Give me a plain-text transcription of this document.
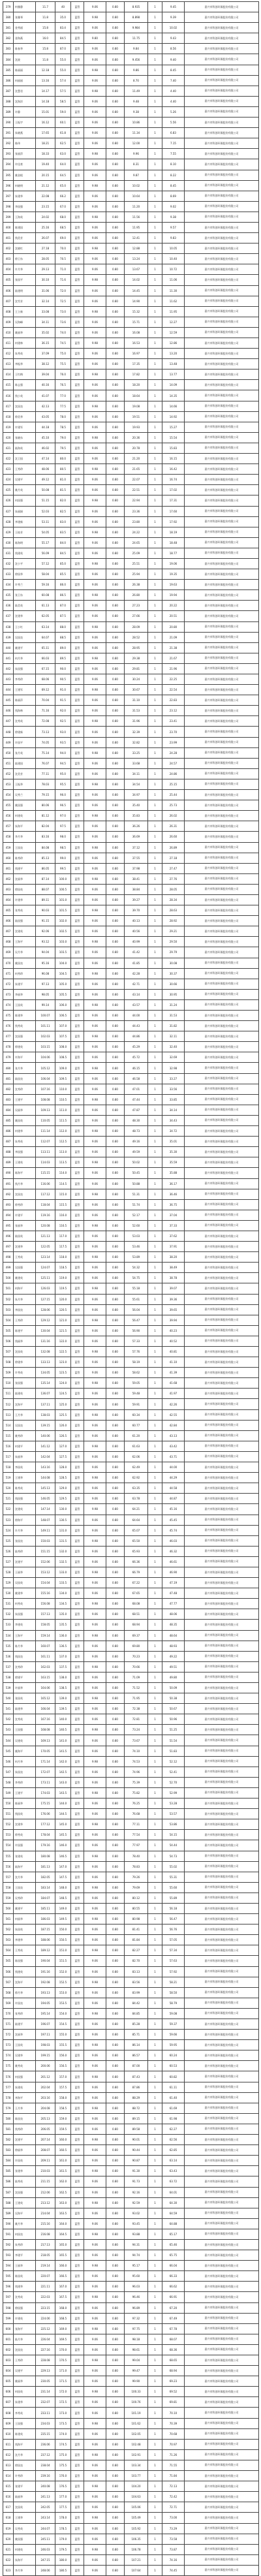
379	何雅静	11.7	40	蓝管	9.06	0.80	8.935	1	9.45	嘉兴市科创环保股份有限公司
380	张雅琴	11.8	35.0	蓝管	9.98	0.80	8.898	1	9.39	嘉兴市科创环保股份有限公司
381	金秀丽	15.8	83.4	蓝管	9.06	0.80	9.984	1	10.02	嘉兴市科创环保股份有限公司
382	金海燕	16.0	84.5	蓝管	9.80	0.80	11.75	1	9.43	嘉兴市科创环保股份有限公司
383	陈春华	15.8	87.0	蓝管	9.06	0.80	9.84	1	8.56	嘉兴市科创环保股份有限公司
384	沈波	11.8	55.0	蓝管	9.06	0.80	9.456	1	9.40	嘉兴市科创环保股份有限公司
385	陈丽丽	12.18	55.0	蓝管	9.98	0.80	9.86	1	8.45	嘉兴市科创环保股份有限公司
386	何丽丽	13.16	57.4	蓝管	9.06	0.80	8.70	1	7.40	嘉兴市科创环保股份有限公司
387	沈慧君	14.17	57.5	蓝管	9.98	0.80	11.49	1	4.40	嘉兴市科创环保股份有限公司
388	沈海洋	14.18	58.5	蓝管	9.06	0.80	9.48	1	4.40	嘉兴市科创环保股份有限公司
389	许静	15.01	59.0	蓝管	9.06	0.80	9.38	1	5.26	嘉兴市科创环保股份有限公司
390	王振宇	16.12	60.1	蓝管	9.06	0.80	10.86	1	5.56	嘉兴市科创环保股份有限公司
391	朱晓燕	17.65	61.8	蓝管	9.06	0.80	11.34	1	6.83	嘉兴市科创环保股份有限公司
392	陈伟	18.21	62.5	蓝管	9.06	0.80	12.00	1	7.15	嘉兴市科创环保股份有限公司
393	张丽萍	18.33	63.0	蓝管	9.98	0.80	9.96	1	7.55	嘉兴市科创环保股份有限公司
394	许佳豪	19.40	64.0	蓝管	9.06	0.80	8.31	1	8.10	嘉兴市科创环保股份有限公司
395	姚金根	20.15	64.5	蓝管	9.06	0.80	9.87	1	8.22	嘉兴市科创环保股份有限公司
396	何晓明	21.12	65.0	蓝管	9.98	0.80	10.02	1	8.45	嘉兴市科创环保股份有限公司
397	朱建华	22.08	66.2	蓝管	9.06	0.80	10.64	1	8.69	嘉兴市科创环保股份有限公司
398	李国强	23.15	67.0	蓝管	9.06	0.80	11.20	1	9.02	嘉兴市科创环保股份有限公司
399	王海英	24.02	68.0	蓝管	9.98	0.80	11.56	1	9.38	嘉兴市科创环保股份有限公司
400	陈建国	25.16	68.5	蓝管	9.06	0.80	11.95	1	9.57	嘉兴市科创环保股份有限公司
401	钱美芳	26.07	69.0	蓝管	9.06	0.80	12.41	1	9.83	嘉兴市科创环保股份有限公司
402	沈晓红	27.18	70.0	蓝管	9.98	0.80	12.88	1	10.05	嘉兴市科创环保股份有限公司
403	徐卫东	28.05	70.5	蓝管	9.06	0.80	13.24	1	10.40	嘉兴市科创环保股份有限公司
404	许月华	29.13	71.0	蓝管	9.06	0.80	13.67	1	10.72	嘉兴市科创环保股份有限公司
405	张国平	30.10	71.6	蓝管	9.98	0.80	14.02	1	11.06	嘉兴市科创环保股份有限公司
406	陆建明	31.06	72.0	蓝管	9.06	0.80	14.45	1	11.30	嘉兴市科创环保股份有限公司
407	沈雪芳	32.14	72.5	蓝管	9.06	0.80	14.90	1	11.62	嘉兴市科创环保股份有限公司
408	王立新	33.08	73.0	蓝管	9.98	0.80	15.32	1	11.95	嘉兴市科创环保股份有限公司
409	吴海峰	34.11	73.6	蓝管	9.06	0.80	15.71	1	12.27	嘉兴市科创环保股份有限公司
410	姚丽华	35.02	74.0	蓝管	9.06	0.80	16.08	1	12.59	嘉兴市科创环保股份有限公司
411	何建林	36.15	74.5	蓝管	9.98	0.80	16.53	1	12.86	嘉兴市科创环保股份有限公司
412	朱秀英	37.09	75.0	蓝管	9.06	0.80	16.97	1	13.20	嘉兴市科创环保股份有限公司
413	李振华	38.12	75.5	蓝管	9.06	0.80	17.35	1	13.48	嘉兴市科创环保股份有限公司
414	王红梅	39.04	76.0	蓝管	9.98	0.80	17.82	1	13.77	嘉兴市科创环保股份有限公司
415	陈志强	40.16	76.5	蓝管	9.06	0.80	18.20	1	14.09	嘉兴市科创环保股份有限公司
416	钱小英	41.07	77.0	蓝管	9.06	0.80	18.64	1	14.35	嘉兴市科创环保股份有限公司
417	沈国良	42.13	77.5	蓝管	9.98	0.80	19.08	1	14.66	嘉兴市科创环保股份有限公司
418	徐美华	43.05	78.0	蓝管	9.06	0.80	19.51	1	14.92	嘉兴市科创环保股份有限公司
419	许建军	44.18	78.5	蓝管	9.06	0.80	19.93	1	15.27	嘉兴市科创环保股份有限公司
420	张晓东	45.10	79.0	蓝管	9.98	0.80	20.36	1	15.54	嘉兴市科创环保股份有限公司
421	陆海英	46.02	79.5	蓝管	9.06	0.80	20.78	1	15.83	嘉兴市科创环保股份有限公司
422	沈卫国	47.14	80.0	蓝管	9.06	0.80	21.20	1	16.15	嘉兴市科创环保股份有限公司
423	王秀珍	48.06	80.5	蓝管	9.98	0.80	21.65	1	16.42	嘉兴市科创环保股份有限公司
424	吴建平	49.12	81.0	蓝管	9.06	0.80	22.07	1	16.74	嘉兴市科创环保股份有限公司
425	姚月英	50.08	81.5	蓝管	9.06	0.80	22.51	1	17.02	嘉兴市科创环保股份有限公司
426	何国强	51.15	82.0	蓝管	9.98	0.80	22.94	1	17.31	嘉兴市科创环保股份有限公司
427	朱丽娟	52.03	82.5	蓝管	9.06	0.80	23.36	1	17.60	嘉兴市科创环保股份有限公司
428	李建新	53.11	83.0	蓝管	9.06	0.80	23.80	1	17.92	嘉兴市科创环保股份有限公司
429	王桂芳	54.05	83.5	蓝管	9.98	0.80	24.22	1	18.19	嘉兴市科创环保股份有限公司
430	陈海明	55.17	84.0	蓝管	9.06	0.80	24.65	1	18.48	嘉兴市科创环保股份有限公司
431	钱建英	56.09	84.5	蓝管	9.06	0.80	25.09	1	18.77	嘉兴市科创环保股份有限公司
432	沈小平	57.12	85.0	蓝管	9.98	0.80	25.51	1	19.06	嘉兴市科创环保股份有限公司
433	徐国华	58.04	85.5	蓝管	9.06	0.80	25.94	1	19.35	嘉兴市科创环保股份有限公司
434	许秀兰	59.16	86.0	蓝管	9.06	0.80	26.38	1	19.63	嘉兴市科创环保股份有限公司
435	张卫东	60.08	86.5	蓝管	9.98	0.80	26.80	1	19.94	嘉兴市科创环保股份有限公司
436	陆美英	61.13	87.0	蓝管	9.06	0.80	27.23	1	20.22	嘉兴市科创环保股份有限公司
437	沈建华	62.05	87.5	蓝管	9.06	0.80	27.66	1	20.51	嘉兴市科创环保股份有限公司
438	王小红	63.14	88.0	蓝管	9.98	0.80	28.09	1	20.80	嘉兴市科创环保股份有限公司
439	吴国良	64.07	88.5	蓝管	9.06	0.80	28.52	1	21.09	嘉兴市科创环保股份有限公司
440	姚建平	65.11	89.0	蓝管	9.06	0.80	28.95	1	21.38	嘉兴市科创环保股份有限公司
441	何月华	66.03	89.5	蓝管	9.98	0.80	29.38	1	21.67	嘉兴市科创环保股份有限公司
442	朱国强	67.15	90.0	蓝管	9.06	0.80	29.81	1	21.96	嘉兴市科创环保股份有限公司
443	李秀珍	68.06	90.5	蓝管	9.06	0.80	30.24	1	22.25	嘉兴市科创环保股份有限公司
444	王建军	69.12	91.0	蓝管	9.98	0.80	30.67	1	22.54	嘉兴市科创环保股份有限公司
445	陈丽萍	70.04	91.5	蓝管	9.06	0.80	31.10	1	22.83	嘉兴市科创环保股份有限公司
446	钱海林	71.16	92.0	蓝管	9.06	0.80	31.53	1	23.12	嘉兴市科创环保股份有限公司
447	沈秀英	72.08	92.5	蓝管	9.98	0.80	31.96	1	23.41	嘉兴市科创环保股份有限公司
448	徐建新	73.13	93.0	蓝管	9.06	0.80	32.39	1	23.70	嘉兴市科创环保股份有限公司
449	许国平	74.05	93.5	蓝管	9.06	0.80	32.82	1	23.99	嘉兴市科创环保股份有限公司
450	张月英	75.14	94.0	蓝管	9.98	0.80	33.25	1	24.28	嘉兴市科创环保股份有限公司
451	陆建国	76.07	94.5	蓝管	9.06	0.80	33.68	1	24.57	嘉兴市科创环保股份有限公司
452	沈美芳	77.11	95.0	蓝管	9.06	0.80	34.11	1	24.86	嘉兴市科创环保股份有限公司
453	王振华	78.03	95.5	蓝管	9.98	0.80	34.54	1	25.15	嘉兴市科创环保股份有限公司
454	吴秀兰	79.15	96.0	蓝管	9.06	0.80	34.97	1	25.44	嘉兴市科创环保股份有限公司
455	姚国强	80.06	96.5	蓝管	9.06	0.80	35.40	1	25.73	嘉兴市科创环保股份有限公司
456	何建英	81.12	97.0	蓝管	9.98	0.80	35.83	1	26.02	嘉兴市科创环保股份有限公司
457	朱海平	82.04	97.5	蓝管	9.06	0.80	36.26	1	26.31	嘉兴市科创环保股份有限公司
458	李月华	83.16	98.0	蓝管	9.06	0.80	36.69	1	26.60	嘉兴市科创环保股份有限公司
459	王国良	84.08	98.5	蓝管	9.98	0.80	37.12	1	26.89	嘉兴市科创环保股份有限公司
460	陈秀珍	85.13	99.0	蓝管	9.06	0.80	37.55	1	27.18	嘉兴市科创环保股份有限公司
461	钱建平	86.05	99.5	蓝管	9.06	0.80	37.98	1	27.47	嘉兴市科创环保股份有限公司
462	沈丽华	87.14	100.0	蓝管	9.98	0.80	38.41	1	27.76	嘉兴市科创环保股份有限公司
463	徐国英	88.07	100.5	蓝管	9.06	0.80	38.84	1	28.05	嘉兴市科创环保股份有限公司
464	许建华	89.11	101.0	蓝管	9.06	0.80	39.27	1	28.34	嘉兴市科创环保股份有限公司
465	张秀英	90.03	101.5	蓝管	9.98	0.80	39.70	1	28.63	嘉兴市科创环保股份有限公司
466	陆国强	91.15	102.0	蓝管	9.06	0.80	40.13	1	28.92	嘉兴市科创环保股份有限公司
467	沈建英	92.06	102.5	蓝管	9.06	0.80	40.56	1	29.21	嘉兴市科创环保股份有限公司
468	王海平	93.12	103.0	蓝管	9.98	0.80	40.99	1	29.50	嘉兴市科创环保股份有限公司
469	吴月华	94.04	103.5	蓝管	9.06	0.80	41.42	1	29.79	嘉兴市科创环保股份有限公司
470	姚国良	95.16	104.0	蓝管	9.06	0.80	41.85	1	30.08	嘉兴市科创环保股份有限公司
471	何秀珍	96.08	104.5	蓝管	9.98	0.80	42.28	1	30.37	嘉兴市科创环保股份有限公司
472	朱建平	97.13	105.0	蓝管	9.06	0.80	42.71	1	30.66	嘉兴市科创环保股份有限公司
473	李丽华	98.05	105.5	蓝管	9.06	0.80	43.14	1	30.95	嘉兴市科创环保股份有限公司
474	王国英	99.14	106.0	蓝管	9.98	0.80	43.57	1	31.24	嘉兴市科创环保股份有限公司
475	陈建华	100.07	106.5	蓝管	9.06	0.80	44.00	1	31.53	嘉兴市科创环保股份有限公司
476	钱秀英	101.11	107.0	蓝管	9.06	0.80	44.43	1	31.82	嘉兴市科创环保股份有限公司
477	沈国强	102.03	107.5	蓝管	9.98	0.80	44.86	1	32.11	嘉兴市科创环保股份有限公司
478	徐建英	103.15	108.0	蓝管	9.06	0.80	45.29	1	32.40	嘉兴市科创环保股份有限公司
479	许海平	104.06	108.5	蓝管	9.06	0.80	45.72	1	32.69	嘉兴市科创环保股份有限公司
480	张月华	105.12	109.0	蓝管	9.98	0.80	46.15	1	32.98	嘉兴市科创环保股份有限公司
481	陆国良	106.04	109.5	蓝管	9.06	0.80	46.58	1	33.27	嘉兴市科创环保股份有限公司
482	沈秀珍	107.16	110.0	蓝管	9.06	0.80	47.01	1	33.56	嘉兴市科创环保股份有限公司
483	王建平	108.08	110.5	蓝管	9.98	0.80	47.44	1	33.85	嘉兴市科创环保股份有限公司
484	吴丽华	109.13	111.0	蓝管	9.06	0.80	47.87	1	34.14	嘉兴市科创环保股份有限公司
485	姚国英	110.05	111.5	蓝管	9.06	0.80	48.30	1	34.43	嘉兴市科创环保股份有限公司
486	何建华	111.14	112.0	蓝管	9.98	0.80	48.73	1	34.72	嘉兴市科创环保股份有限公司
487	朱秀英	112.07	112.5	蓝管	9.06	0.80	49.16	1	35.01	嘉兴市科创环保股份有限公司
488	李国强	113.11	113.0	蓝管	9.06	0.80	49.59	1	35.30	嘉兴市科创环保股份有限公司
489	王建英	114.03	113.5	蓝管	9.98	0.80	50.02	1	35.59	嘉兴市科创环保股份有限公司
490	陈海平	115.15	114.0	蓝管	9.06	0.80	50.45	1	35.88	嘉兴市科创环保股份有限公司
491	钱月华	116.06	114.5	蓝管	9.06	0.80	50.88	1	36.17	嘉兴市科创环保股份有限公司
492	沈国良	117.12	115.0	蓝管	9.98	0.80	51.31	1	36.46	嘉兴市科创环保股份有限公司
493	徐秀珍	118.04	115.5	蓝管	9.06	0.80	51.74	1	36.75	嘉兴市科创环保股份有限公司
494	许建平	119.16	116.0	蓝管	9.06	0.80	52.17	1	37.04	嘉兴市科创环保股份有限公司
495	张丽华	120.08	116.5	蓝管	9.98	0.80	52.60	1	37.33	嘉兴市科创环保股份有限公司
496	陆国英	121.13	117.0	蓝管	9.06	0.80	53.03	1	37.62	嘉兴市科创环保股份有限公司
497	沈建华	122.05	117.5	蓝管	9.06	0.80	53.46	1	37.91	嘉兴市科创环保股份有限公司
498	王秀英	123.14	118.0	蓝管	9.98	0.80	53.89	1	38.20	嘉兴市科创环保股份有限公司
499	吴国强	124.07	118.5	蓝管	9.06	0.80	54.32	1	38.49	嘉兴市科创环保股份有限公司
500	姚建英	125.11	119.0	蓝管	9.06	0.80	54.75	1	38.78	嘉兴市科创环保股份有限公司
501	何海平	126.03	119.5	蓝管	9.98	0.80	55.18	1	39.07	嘉兴市科创环保股份有限公司
502	朱月华	127.15	120.0	蓝管	9.06	0.80	55.61	1	39.36	嘉兴市科创环保股份有限公司
503	李国良	128.06	120.5	蓝管	9.06	0.80	56.04	1	39.65	嘉兴市科创环保股份有限公司
504	王秀珍	129.12	121.0	蓝管	9.98	0.80	56.47	1	39.94	嘉兴市科创环保股份有限公司
505	陈建平	130.04	121.5	蓝管	9.06	0.80	56.90	1	40.23	嘉兴市科创环保股份有限公司
506	钱丽华	131.16	122.0	蓝管	9.06	0.80	57.33	1	40.52	嘉兴市科创环保股份有限公司
507	沈国英	132.08	122.5	蓝管	9.98	0.80	57.76	1	40.81	嘉兴市科创环保股份有限公司
508	徐建华	133.13	123.0	蓝管	9.06	0.80	58.19	1	41.10	嘉兴市科创环保股份有限公司
509	许秀英	134.05	123.5	蓝管	9.06	0.80	58.62	1	41.39	嘉兴市科创环保股份有限公司
510	张国强	135.14	124.0	蓝管	9.98	0.80	59.05	1	41.68	嘉兴市科创环保股份有限公司
511	陆建英	136.07	124.5	蓝管	9.06	0.80	59.48	1	41.97	嘉兴市科创环保股份有限公司
512	沈海平	137.11	125.0	蓝管	9.06	0.80	59.91	1	42.26	嘉兴市科创环保股份有限公司
513	王月华	138.03	125.5	蓝管	9.98	0.80	60.34	1	42.55	嘉兴市科创环保股份有限公司
514	吴国良	139.15	126.0	蓝管	9.06	0.80	60.77	1	42.84	嘉兴市科创环保股份有限公司
515	姚秀珍	140.06	126.5	蓝管	9.06	0.80	61.20	1	43.13	嘉兴市科创环保股份有限公司
516	何建平	141.12	127.0	蓝管	9.98	0.80	61.63	1	43.42	嘉兴市科创环保股份有限公司
517	朱丽华	142.04	127.5	蓝管	9.06	0.80	62.06	1	43.71	嘉兴市科创环保股份有限公司
518	李国英	143.16	128.0	蓝管	9.06	0.80	62.49	1	44.00	嘉兴市科创环保股份有限公司
519	王建华	144.08	128.5	蓝管	9.98	0.80	62.92	1	44.29	嘉兴市科创环保股份有限公司
520	陈秀英	145.13	129.0	蓝管	9.06	0.80	63.35	1	44.58	嘉兴市科创环保股份有限公司
521	钱国强	146.05	129.5	蓝管	9.06	0.80	63.78	1	44.87	嘉兴市科创环保股份有限公司
522	沈建英	147.14	130.0	蓝管	9.98	0.80	64.21	1	45.16	嘉兴市科创环保股份有限公司
523	徐海平	148.07	130.5	蓝管	9.06	0.80	64.64	1	45.45	嘉兴市科创环保股份有限公司
524	许月华	149.11	131.0	蓝管	9.06	0.80	65.07	1	45.74	嘉兴市科创环保股份有限公司
525	张国良	150.03	131.5	蓝管	9.98	0.80	65.50	1	46.03	嘉兴市科创环保股份有限公司
526	陆秀珍	151.15	132.0	蓝管	9.06	0.80	65.93	1	46.32	嘉兴市科创环保股份有限公司
527	沈建平	152.06	132.5	蓝管	9.06	0.80	66.36	1	46.61	嘉兴市科创环保股份有限公司
528	王丽华	153.12	133.0	蓝管	9.98	0.80	66.79	1	46.90	嘉兴市科创环保股份有限公司
529	吴国英	154.04	133.5	蓝管	9.06	0.80	67.22	1	47.19	嘉兴市科创环保股份有限公司
530	姚建华	155.16	134.0	蓝管	9.06	0.80	67.65	1	47.48	嘉兴市科创环保股份有限公司
531	何秀英	156.08	134.5	蓝管	9.98	0.80	68.08	1	47.77	嘉兴市科创环保股份有限公司
532	朱国强	157.13	135.0	蓝管	9.06	0.80	68.51	1	48.06	嘉兴市科创环保股份有限公司
533	李建英	158.05	135.5	蓝管	9.06	0.80	68.94	1	48.35	嘉兴市科创环保股份有限公司
534	王海平	159.14	136.0	蓝管	9.98	0.80	69.37	1	48.64	嘉兴市科创环保股份有限公司
535	陈月华	160.07	136.5	蓝管	9.06	0.80	69.80	1	48.93	嘉兴市科创环保股份有限公司
536	钱国良	161.11	137.0	蓝管	9.06	0.80	70.23	1	49.22	嘉兴市科创环保股份有限公司
537	沈秀珍	162.03	137.5	蓝管	9.98	0.80	70.66	1	49.51	嘉兴市科创环保股份有限公司
538	徐建平	163.15	138.0	蓝管	9.06	0.80	71.09	1	49.80	嘉兴市科创环保股份有限公司
539	许丽华	164.06	138.5	蓝管	9.06	0.80	71.52	1	50.09	嘉兴市科创环保股份有限公司
540	张国英	165.12	139.0	蓝管	9.98	0.80	71.95	1	50.38	嘉兴市科创环保股份有限公司
541	陆建华	166.04	139.5	蓝管	9.06	0.80	72.38	1	50.67	嘉兴市科创环保股份有限公司
542	沈秀英	167.16	140.0	蓝管	9.06	0.80	72.81	1	50.96	嘉兴市科创环保股份有限公司
543	王国强	168.08	140.5	蓝管	9.98	0.80	73.24	1	51.25	嘉兴市科创环保股份有限公司
544	吴建英	169.13	141.0	蓝管	9.06	0.80	73.67	1	51.54	嘉兴市科创环保股份有限公司
545	姚海平	170.05	141.5	蓝管	9.06	0.80	74.10	1	51.83	嘉兴市科创环保股份有限公司
546	何月华	171.14	142.0	蓝管	9.98	0.80	74.53	1	52.12	嘉兴市科创环保股份有限公司
547	朱国良	172.07	142.5	蓝管	9.06	0.80	74.96	1	52.41	嘉兴市科创环保股份有限公司
548	李秀珍	173.11	143.0	蓝管	9.06	0.80	75.39	1	52.70	嘉兴市科创环保股份有限公司
549	王建平	174.03	143.5	蓝管	9.98	0.80	75.82	1	52.99	嘉兴市科创环保股份有限公司
550	陈丽华	175.15	144.0	蓝管	9.06	0.80	76.25	1	53.28	嘉兴市科创环保股份有限公司
551	钱国英	176.06	144.5	蓝管	9.06	0.80	76.68	1	53.57	嘉兴市科创环保股份有限公司
552	沈建华	177.12	145.0	蓝管	9.98	0.80	77.11	1	53.86	嘉兴市科创环保股份有限公司
553	徐秀英	178.04	145.5	蓝管	9.06	0.80	77.54	1	54.15	嘉兴市科创环保股份有限公司
554	许国强	179.16	146.0	蓝管	9.06	0.80	77.97	1	54.44	嘉兴市科创环保股份有限公司
555	张建英	180.08	146.5	蓝管	9.98	0.80	78.40	1	54.73	嘉兴市科创环保股份有限公司
556	陆海平	181.13	147.0	蓝管	9.06	0.80	78.83	1	55.02	嘉兴市科创环保股份有限公司
557	沈月华	182.05	147.5	蓝管	9.06	0.80	79.26	1	55.31	嘉兴市科创环保股份有限公司
558	王国良	183.14	148.0	蓝管	9.98	0.80	79.69	1	55.60	嘉兴市科创环保股份有限公司
559	吴秀珍	184.07	148.5	蓝管	9.06	0.80	80.12	1	55.89	嘉兴市科创环保股份有限公司
560	姚建平	185.11	149.0	蓝管	9.06	0.80	80.55	1	56.18	嘉兴市科创环保股份有限公司
561	何丽华	186.03	149.5	蓝管	9.98	0.80	80.98	1	56.47	嘉兴市科创环保股份有限公司
562	朱国英	187.15	150.0	蓝管	9.06	0.80	81.41	1	56.76	嘉兴市科创环保股份有限公司
563	李建华	188.06	150.5	蓝管	9.06	0.80	81.84	1	57.05	嘉兴市科创环保股份有限公司
564	王秀英	189.12	151.0	蓝管	9.98	0.80	82.27	1	57.34	嘉兴市科创环保股份有限公司
565	陈国强	190.04	151.5	蓝管	9.06	0.80	82.70	1	57.63	嘉兴市科创环保股份有限公司
566	钱建英	191.16	152.0	蓝管	9.06	0.80	83.13	1	57.92	嘉兴市科创环保股份有限公司
567	沈海平	192.08	152.5	蓝管	9.98	0.80	83.56	1	58.21	嘉兴市科创环保股份有限公司
568	徐月华	193.13	153.0	蓝管	9.06	0.80	83.99	1	58.50	嘉兴市科创环保股份有限公司
569	许国良	194.05	153.5	蓝管	9.06	0.80	84.42	1	58.79	嘉兴市科创环保股份有限公司
570	张秀珍	195.14	154.0	蓝管	9.98	0.80	84.85	1	59.08	嘉兴市科创环保股份有限公司
571	陆建平	196.07	154.5	蓝管	9.06	0.80	85.28	1	59.37	嘉兴市科创环保股份有限公司
572	沈丽华	197.11	155.0	蓝管	9.06	0.80	85.71	1	59.66	嘉兴市科创环保股份有限公司
573	王国英	198.03	155.5	蓝管	9.98	0.80	86.14	1	59.95	嘉兴市科创环保股份有限公司
574	吴建华	199.15	156.0	蓝管	9.06	0.80	86.57	1	60.24	嘉兴市科创环保股份有限公司
575	姚秀英	200.06	156.5	蓝管	9.06	0.80	87.00	1	60.53	嘉兴市科创环保股份有限公司
576	何国强	201.12	157.0	蓝管	9.98	0.80	87.43	1	60.82	嘉兴市科创环保股份有限公司
577	朱建英	202.04	157.5	蓝管	9.06	0.80	87.86	1	61.11	嘉兴市科创环保股份有限公司
578	李海平	203.16	158.0	蓝管	9.06	0.80	88.29	1	61.40	嘉兴市科创环保股份有限公司
579	王月华	204.08	158.5	蓝管	9.98	0.80	88.72	1	61.69	嘉兴市科创环保股份有限公司
580	陈国良	205.13	159.0	蓝管	9.06	0.80	89.15	1	61.98	嘉兴市科创环保股份有限公司
581	钱秀珍	206.05	159.5	蓝管	9.06	0.80	89.58	1	62.27	嘉兴市科创环保股份有限公司
582	沈建平	207.14	160.0	蓝管	9.98	0.80	90.01	1	62.56	嘉兴市科创环保股份有限公司
583	徐丽华	208.07	160.5	蓝管	9.06	0.80	90.44	1	62.85	嘉兴市科创环保股份有限公司
584	许国英	209.11	161.0	蓝管	9.06	0.80	90.87	1	63.14	嘉兴市科创环保股份有限公司
585	张建华	210.03	161.5	蓝管	9.98	0.80	91.30	1	63.43	嘉兴市科创环保股份有限公司
586	陆秀英	211.15	162.0	蓝管	9.06	0.80	91.73	1	63.72	嘉兴市科创环保股份有限公司
587	沈国强	212.06	162.5	蓝管	9.06	0.80	92.16	1	64.01	嘉兴市科创环保股份有限公司
588	王建英	213.12	163.0	蓝管	9.98	0.80	92.59	1	64.30	嘉兴市科创环保股份有限公司
589	吴海平	214.04	163.5	蓝管	9.06	0.80	93.02	1	64.59	嘉兴市科创环保股份有限公司
590	姚月华	215.16	164.0	蓝管	9.06	0.80	93.45	1	64.88	嘉兴市科创环保股份有限公司
591	何国良	216.08	164.5	蓝管	9.98	0.80	93.88	1	65.17	嘉兴市科创环保股份有限公司
592	朱秀珍	217.13	165.0	蓝管	9.06	0.80	94.31	1	65.46	嘉兴市科创环保股份有限公司
593	李建平	218.05	165.5	蓝管	9.06	0.80	94.74	1	65.75	嘉兴市科创环保股份有限公司
594	王丽华	219.14	166.0	蓝管	9.98	0.80	95.17	1	66.04	嘉兴市科创环保股份有限公司
595	陈国英	220.07	166.5	蓝管	9.06	0.80	95.60	1	66.33	嘉兴市科创环保股份有限公司
596	钱建华	221.11	167.0	蓝管	9.06	0.80	96.03	1	66.62	嘉兴市科创环保股份有限公司
597	沈秀英	222.03	167.5	蓝管	9.98	0.80	96.46	1	66.91	嘉兴市科创环保股份有限公司
598	徐国强	223.15	168.0	蓝管	9.06	0.80	96.89	1	67.20	嘉兴市科创环保股份有限公司
599	许建英	224.06	168.5	蓝管	9.06	0.80	97.32	1	67.49	嘉兴市科创环保股份有限公司
600	张海平	225.12	169.0	蓝管	9.98	0.80	97.75	1	67.78	嘉兴市科创环保股份有限公司
601	陆月华	226.04	169.5	蓝管	9.06	0.80	98.18	1	68.07	嘉兴市科创环保股份有限公司
602	沈国良	227.16	170.0	蓝管	9.06	0.80	98.61	1	68.36	嘉兴市科创环保股份有限公司
603	王秀珍	228.08	170.5	蓝管	9.98	0.80	99.04	1	68.65	嘉兴市科创环保股份有限公司
604	吴建平	229.13	171.0	蓝管	9.06	0.80	99.47	1	68.94	嘉兴市科创环保股份有限公司
605	姚丽华	230.05	171.5	蓝管	9.06	0.80	99.90	1	69.23	嘉兴市科创环保股份有限公司
606	何国英	231.14	172.0	蓝管	9.98	0.80	100.33	1	69.52	嘉兴市科创环保股份有限公司
607	朱建华	232.07	172.5	蓝管	9.06	0.80	100.76	1	69.81	嘉兴市科创环保股份有限公司
608	李秀英	233.11	173.0	蓝管	9.06	0.80	101.19	1	70.10	嘉兴市科创环保股份有限公司
609	王国强	234.03	173.5	蓝管	9.98	0.80	101.62	1	70.39	嘉兴市科创环保股份有限公司
610	陈建英	235.15	174.0	蓝管	9.06	0.80	102.05	1	70.68	嘉兴市科创环保股份有限公司
611	钱海平	236.06	174.5	蓝管	9.06	0.80	102.48	1	70.97	嘉兴市科创环保股份有限公司
612	沈月华	237.12	175.0	蓝管	9.98	0.80	102.91	1	71.26	嘉兴市科创环保股份有限公司
613	徐国良	238.04	175.5	蓝管	9.06	0.80	103.34	1	71.55	嘉兴市科创环保股份有限公司
614	许秀珍	239.16	176.0	蓝管	9.06	0.80	103.77	1	71.84	嘉兴市科创环保股份有限公司
615	张建平	240.08	176.5	蓝管	9.98	0.80	104.20	1	72.13	嘉兴市科创环保股份有限公司
616	陆丽华	241.13	177.0	蓝管	9.06	0.80	104.63	1	72.42	嘉兴市科创环保股份有限公司
617	沈国英	242.05	177.5	蓝管	9.06	0.80	105.06	1	72.71	嘉兴市科创环保股份有限公司
618	王建华	243.14	178.0	蓝管	9.98	0.80	105.49	1	73.00	嘉兴市科创环保股份有限公司
619	吴秀英	244.07	178.5	蓝管	9.06	0.80	105.92	1	73.29	嘉兴市科创环保股份有限公司
620	姚国强	245.11	179.0	蓝管	9.06	0.80	106.35	1	73.58	嘉兴市科创环保股份有限公司
621	何建英	246.03	179.5	蓝管	9.98	0.80	106.78	1	73.87	嘉兴市科创环保股份有限公司
622	朱海平	247.15	180.0	蓝管	9.06	0.80	107.21	1	74.16	嘉兴市科创环保股份有限公司
623	李月华	248.06	180.5	蓝管	9.06	0.80	107.64	1	74.45	嘉兴市科创环保股份有限公司
